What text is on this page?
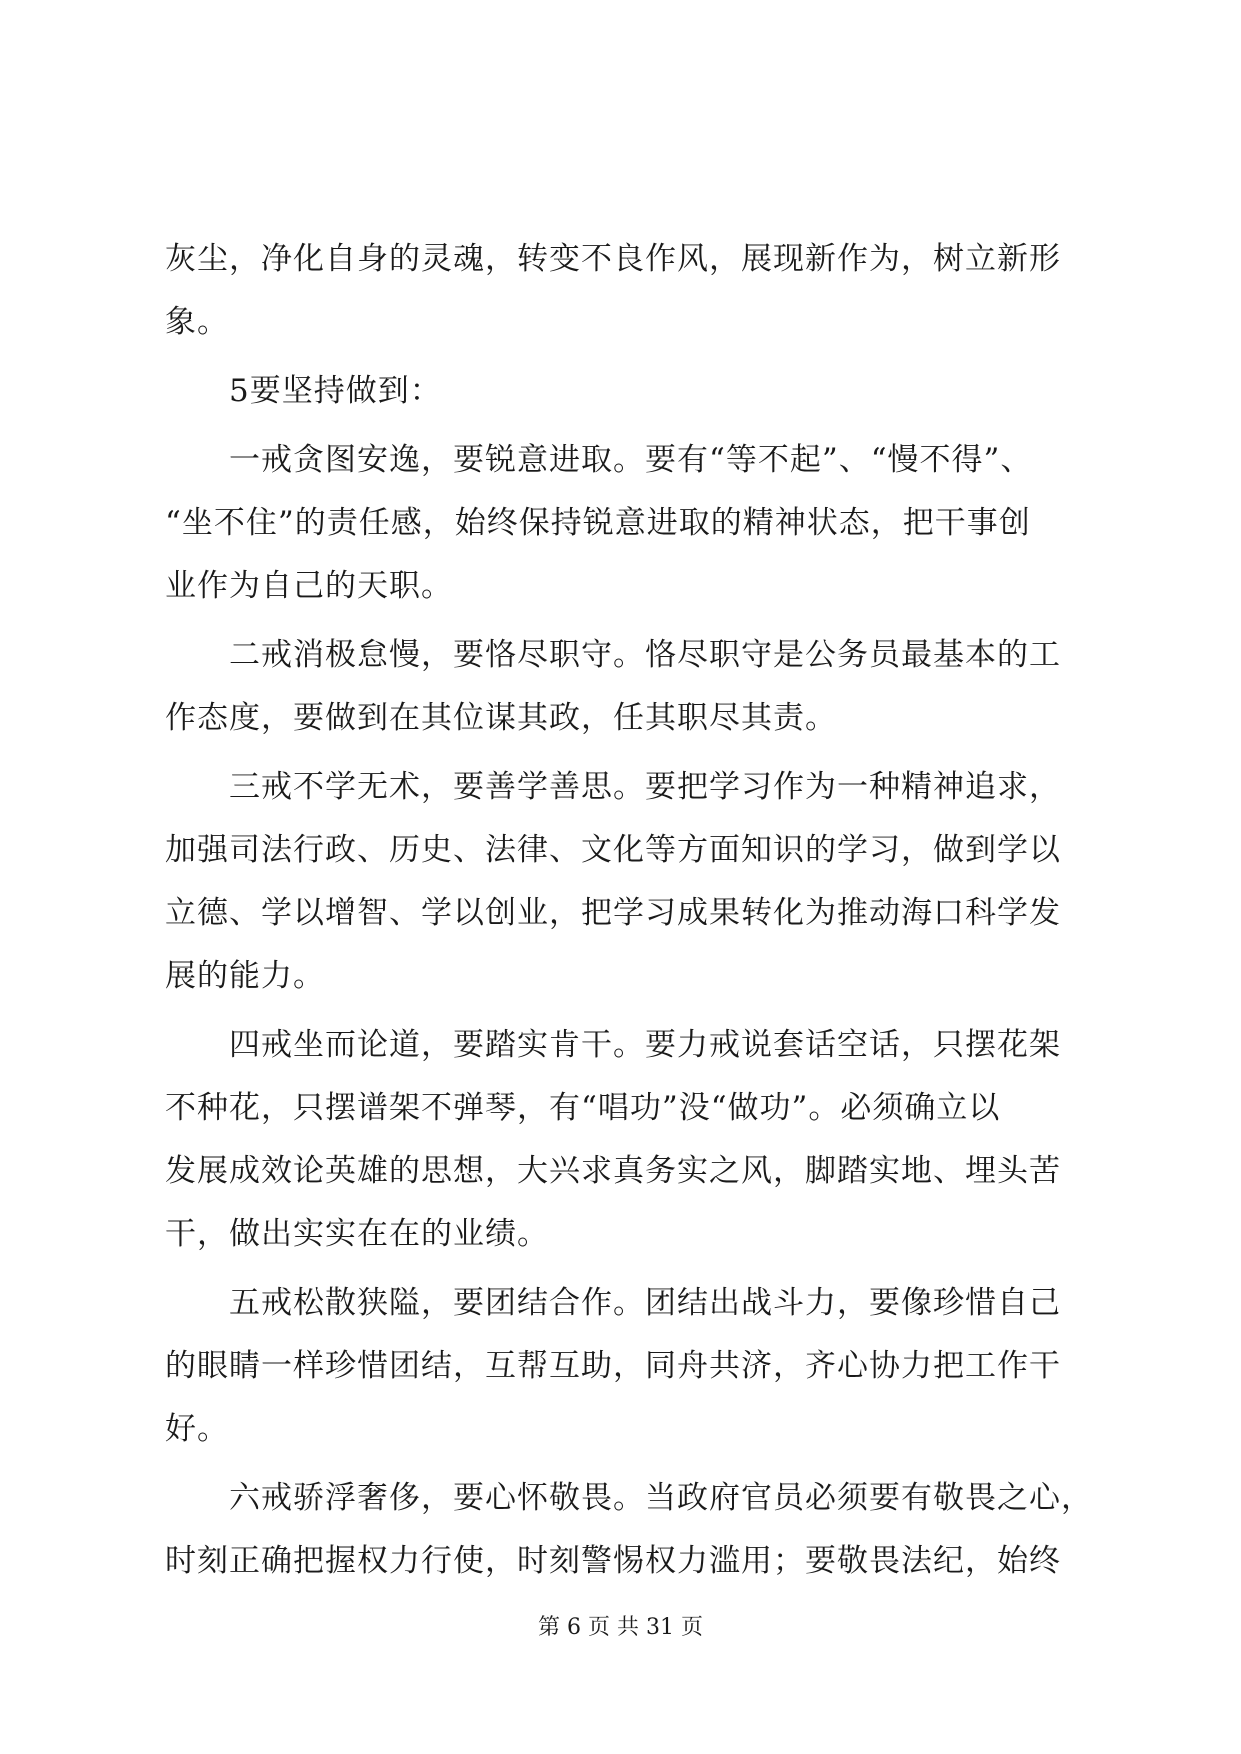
灰尘，净化自身的灵魂，转变不良作风，展现新作为，树立新形
象。
　　5要坚持做到：
　　一戒贪图安逸，要锐意进取。要有“等不起”、“慢不得”、
“坐不住”的责任感，始终保持锐意进取的精神状态，把干事创
业作为自己的天职。
　　二戒消极怠慢，要恪尽职守。恪尽职守是公务员最基本的工
作态度，要做到在其位谋其政，任其职尽其责。
　　三戒不学无术，要善学善思。要把学习作为一种精神追求，
加强司法行政、历史、法律、文化等方面知识的学习，做到学以
立德、学以增智、学以创业，把学习成果转化为推动海口科学发
展的能力。
　　四戒坐而论道，要踏实肯干。要力戒说套话空话，只摆花架
不种花，只摆谱架不弹琴，有“唱功”没“做功”。必须确立以
发展成效论英雄的思想，大兴求真务实之风，脚踏实地、埋头苦
干，做出实实在在的业绩。
　　五戒松散狭隘，要团结合作。团结出战斗力，要像珍惜自己
的眼睛一样珍惜团结，互帮互助，同舟共济，齐心协力把工作干
好。
　　六戒骄浮奢侈，要心怀敬畏。当政府官员必须要有敬畏之心，
时刻正确把握权力行使，时刻警惕权力滥用；要敬畏法纪，始终
第 6 页 共 31 页
